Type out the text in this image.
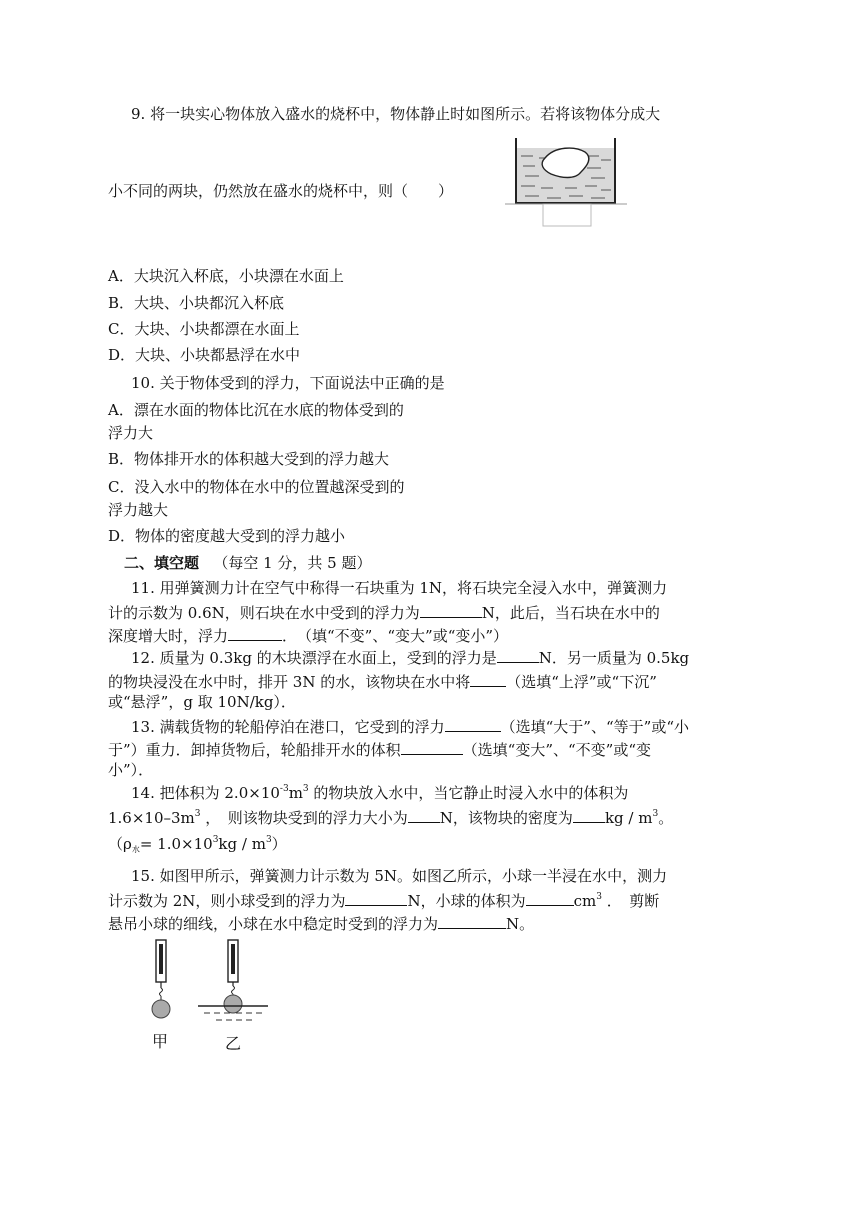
9. 将一块实心物体放入盛水的烧杯中，物体静止时如图所示。若将该物体分成大
小不同的两块，仍然放在盛水的烧杯中，则（　　）
A．大块沉入杯底，小块漂在水面上
B．大块、小块都沉入杯底
C．大块、小块都漂在水面上
D．大块、小块都悬浮在水中
10. 关于物体受到的浮力，下面说法中正确的是
A．漂在水面的物体比沉在水底的物体受到的
浮力大
B．物体排开水的体积越大受到的浮力越大
C．没入水中的物体在水中的位置越深受到的
浮力越大
D．物体的密度越大受到的浮力越小
二、填空题 （每空 1 分，共 5 题）
11. 用弹簧测力计在空气中称得一石块重为 1N，将石块完全浸入水中，弹簧测力
计的示数为 0.6N，则石块在水中受到的浮力为	N，此后，当石块在水中的
深度增大时，浮力	．　（填“不变”、“变大”或“变小”）
12. 质量为 0.3kg 的木块漂浮在水面上，受到的浮力是	N．另一质量为 0.5kg
的物块浸没在水中时，排开 3N 的水，该物块在水中将 （选填“上浮”或“下沉”
或“悬浮”，g 取 10N/kg）．
13. 满载货物的轮船停泊在港口，它受到的浮力	（选填“大于”、“等于”或“小
于”）重力．卸掉货物后，轮船排开水的体积	（选填“变大”、“不变”或“变
小”）．
14. 把体积为 $2.0\times 10^{-3}m^3$ 的物块放入水中，当它静止时浸入水中的体积为
$1.6\times 10-3m^3$ ，　则该物块受到的浮力大小为 N，该物块的密度为 kg / $m^3$。
$(\rho_水= 1.0\times 10^3kg / m^3)$
15. 如图甲所示，弹簧测力计示数为 5N。如图乙所示，小球一半浸在水中，测力
计示数为 2N，则小球受到的浮力为	N，小球的体积为	$cm^3$ ．　剪断
悬吊小球的细线，小球在水中稳定时受到的浮力为	N。
甲	乙
